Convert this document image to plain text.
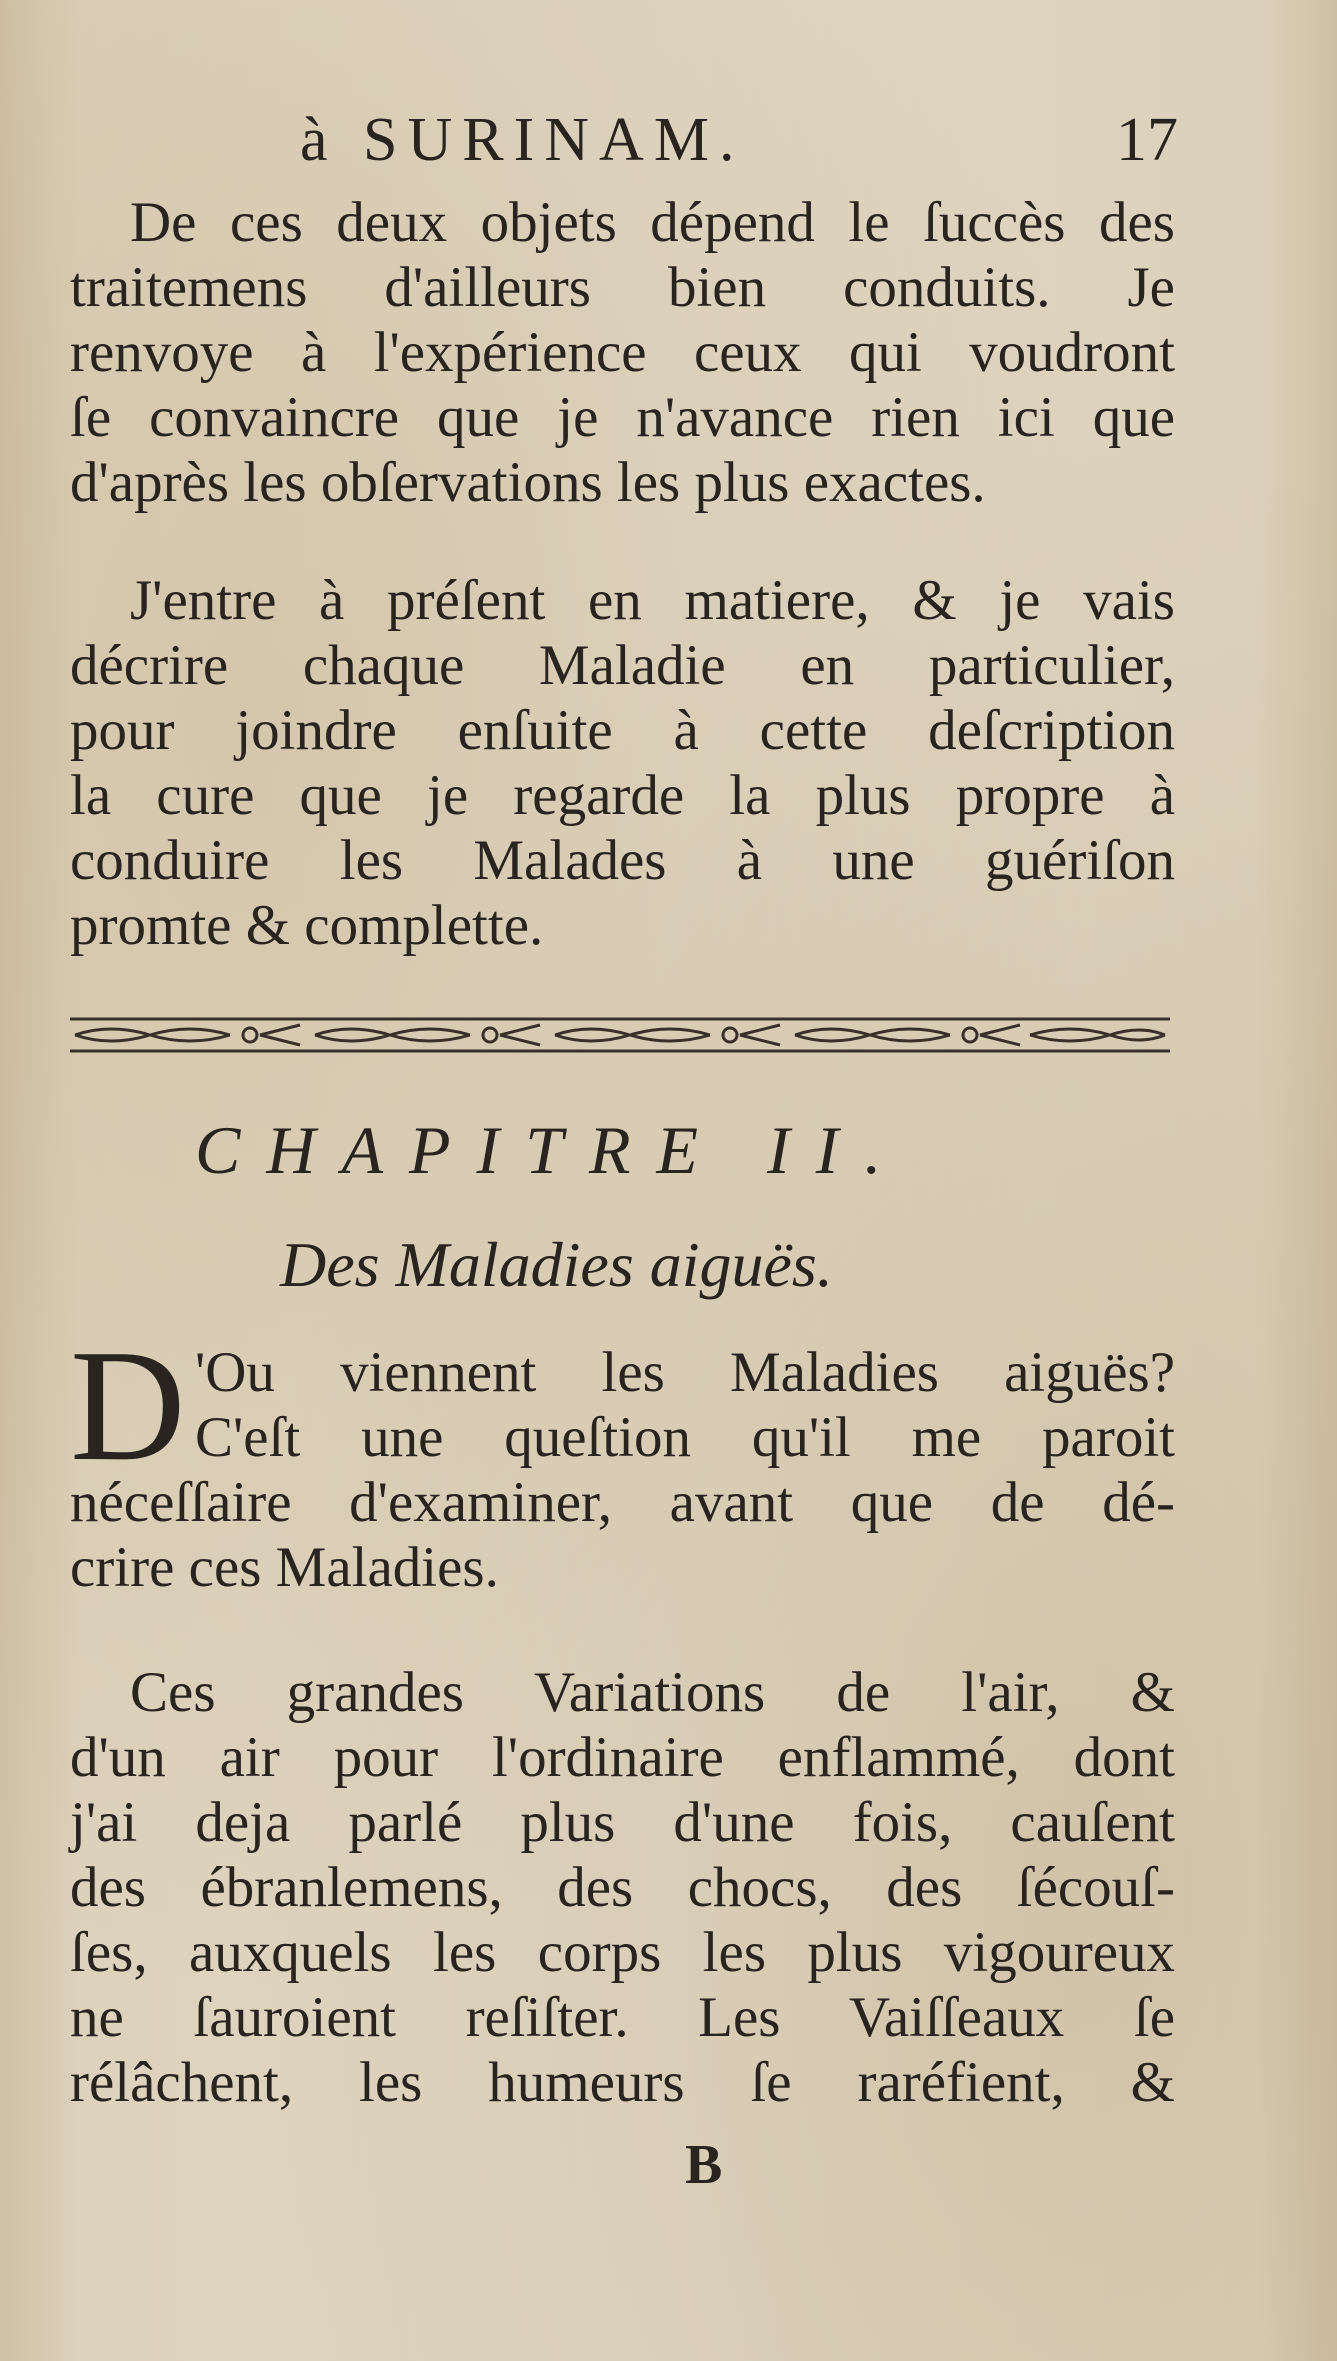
à SURINAM.	17
De ces deux objets dépend le ſuccès des
traitemens d'ailleurs bien conduits. Je
renvoye à l'expérience ceux qui voudront
ſe convaincre que je n'avance rien ici que
d'après les obſervations les plus exactes.
J'entre à préſent en matiere, & je vais
décrire chaque Maladie en particulier,
pour joindre enſuite à cette deſcription
la cure que je regarde la plus propre à
conduire les Malades à une guériſon
promte & complette.
CHAPITRE II.
Des Maladies aiguës.
D 'Ou viennent les Maladies aiguës?
C'eſt une queſtion qu'il me paroit
néceſſaire d'examiner, avant que de dé-
crire ces Maladies.
Ces grandes Variations de l'air, &
d'un air pour l'ordinaire enflammé, dont
j'ai deja parlé plus d'une fois, cauſent
des ébranlemens, des chocs, des ſécouſ-
ſes, auxquels les corps les plus vigoureux
ne ſauroient reſiſter. Les Vaiſſeaux ſe
rélâchent, les humeurs ſe raréfient, &
B
